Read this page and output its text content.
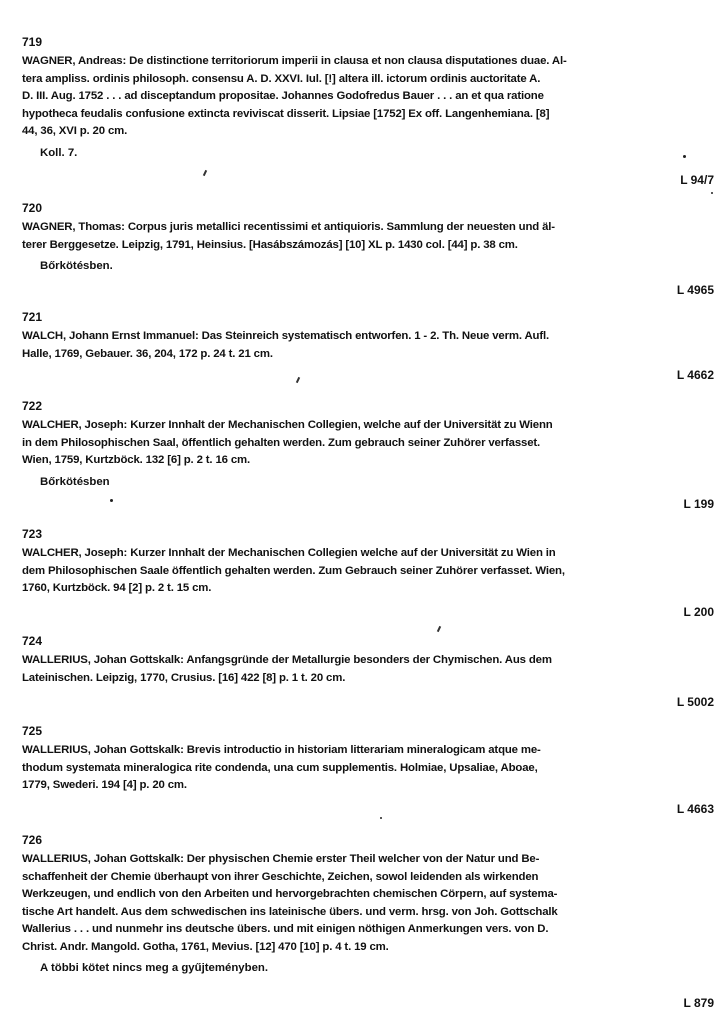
719

WAGNER, Andreas: De distinctione territoriorum imperii in clausa et non clausa disputationes duae. Al-
tera ampliss. ordinis philosoph. consensu A. D. XXVI. Iul. [!] altera ill. ictorum ordinis auctoritate A.
D. III. Aug. 1752 . . . ad disceptandum propositae. Johannes Godofredus Bauer . . . an et qua ratione
hypotheca feudalis confusione extincta reviviscat disserit. Lipsiae [1752] Ex off. Langenhemiana. [8]
44, 36, XVI p. 20 cm.
Koll. 7.
L 94/7

720

WAGNER, Thomas: Corpus juris metallici recentissimi et antiquioris. Sammlung der neuesten und äl-
terer Berggesetze. Leipzig, 1791, Heinsius. [Hasábszámozás] [10] XL p. 1430 col. [44] p. 38 cm.
Bőrkötésben.
L 4965

721

WALCH, Johann Ernst Immanuel: Das Steinreich systematisch entworfen. 1 - 2. Th. Neue verm. Aufl.
Halle, 1769, Gebauer. 36, 204, 172 p. 24 t. 21 cm.
L 4662

722

WALCHER, Joseph: Kurzer Innhalt der Mechanischen Collegien, welche auf der Universität zu Wienn
in dem Philosophischen Saal, öffentlich gehalten werden. Zum gebrauch seiner Zuhörer verfasset.
Wien, 1759, Kurtzböck. 132 [6] p. 2 t. 16 cm.
Bőrkötésben
L 199

723

WALCHER, Joseph: Kurzer Innhalt der Mechanischen Collegien welche auf der Universität zu Wien in
dem Philosophischen Saale öffentlich gehalten werden. Zum Gebrauch seiner Zuhörer verfasset. Wien,
1760, Kurtzböck. 94 [2] p. 2 t. 15 cm.
L 200

724

WALLERIUS, Johan Gottskalk: Anfangsgründe der Metallurgie besonders der Chymischen. Aus dem
Lateinischen. Leipzig, 1770, Crusius. [16] 422 [8] p. 1 t. 20 cm.
L 5002

725

WALLERIUS, Johan Gottskalk: Brevis introductio in historiam litterariam mineralogicam atque me-
thodum systemata mineralogica rite condenda, una cum supplementis. Holmiae, Upsaliae, Aboae,
1779, Swederi. 194 [4] p. 20 cm.
L 4663

726

WALLERIUS, Johan Gottskalk: Der physischen Chemie erster Theil welcher von der Natur und Be-
schaffenheit der Chemie überhaupt von ihrer Geschichte, Zeichen, sowol leidenden als wirkenden
Werkzeugen, und endlich von den Arbeiten und hervorgebrachten chemischen Cörpern, auf systema-
tische Art handelt. Aus dem schwedischen ins lateinische übers. und verm. hrsg. von Joh. Gottschalk
Wallerius . . . und nunmehr ins deutsche übers. und mit einigen nöthigen Anmerkungen vers. von D.
Christ. Andr. Mangold. Gotha, 1761, Mevius. [12] 470 [10] p. 4 t. 19 cm.
A többi kötet nincs meg a gyűjteményben.
L 879
